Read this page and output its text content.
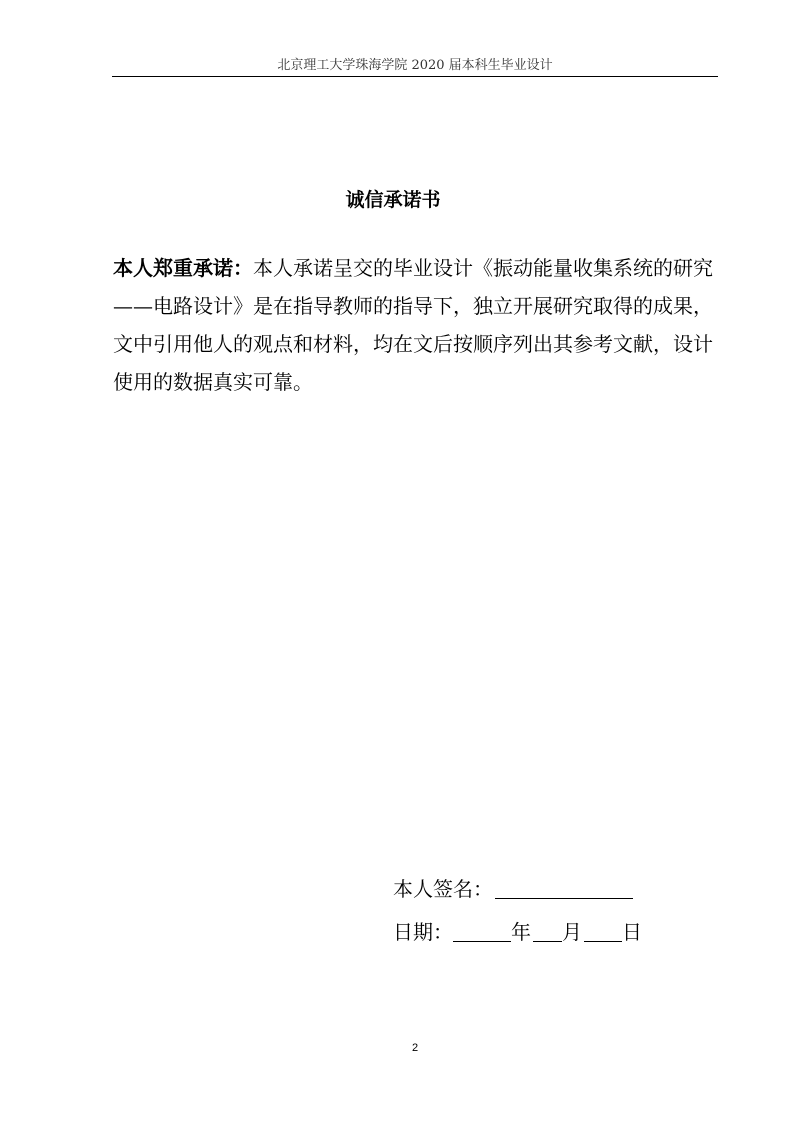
北京理工大学珠海学院 2020 届本科生毕业设计
诚信承诺书
本人郑重承诺：本人承诺呈交的毕业设计《振动能量收集系统的研究
——电路设计》是在指导教师的指导下，独立开展研究取得的成果，
文中引用他人的观点和材料，均在文后按顺序列出其参考文献，设计
使用的数据真实可靠。
本人签名：
日期：	年 月 日
2
